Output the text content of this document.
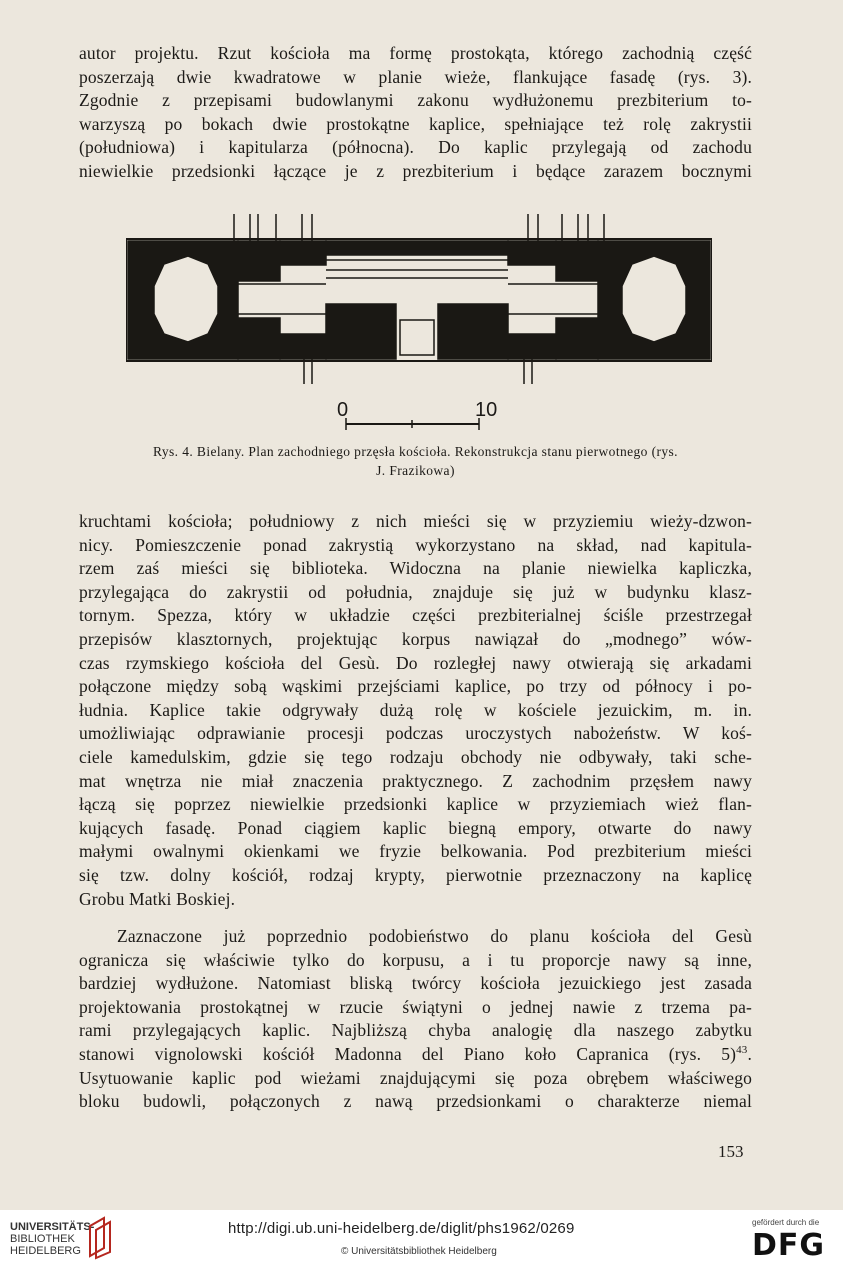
autor projektu. Rzut kościoła ma formę prostokąta, którego zachodnią część
poszerzają dwie kwadratowe w planie wieże, flankujące fasadę (rys. 3).
Zgodnie z przepisami budowlanymi zakonu wydłużonemu prezbiterium to-
warzyszą po bokach dwie prostokątne kaplice, spełniające też rolę zakrystii
(południowa) i kapitularza (północna). Do kaplic przylegają od zachodu
niewielkie przedsionki łączące je z prezbiterium i będące zarazem bocznymi

0	10
Rys. 4. Bielany. Plan zachodniego przęsła kościoła. Rekonstrukcja stanu pierwotnego (rys.
J. Frazikowa)

kruchtami kościoła; południowy z nich mieści się w przyziemiu wieży-dzwon-
nicy. Pomieszczenie ponad zakrystią wykorzystano na skład, nad kapitula-
rzem zaś mieści się biblioteka. Widoczna na planie niewielka kapliczka,
przylegająca do zakrystii od południa, znajduje się już w budynku klasz-
tornym. Spezza, który w układzie części prezbiterialnej ściśle przestrzegał
przepisów klasztornych, projektując korpus nawiązał do „modnego” wów-
czas rzymskiego kościoła del Gesù. Do rozległej nawy otwierają się arkadami
połączone między sobą wąskimi przejściami kaplice, po trzy od północy i po-
łudnia. Kaplice takie odgrywały dużą rolę w kościele jezuickim, m. in.
umożliwiając odprawianie procesji podczas uroczystych nabożeństw. W koś-
ciele kamedulskim, gdzie się tego rodzaju obchody nie odbywały, taki sche-
mat wnętrza nie miał znaczenia praktycznego. Z zachodnim przęsłem nawy
łączą się poprzez niewielkie przedsionki kaplice w przyziemiach wież flan-
kujących fasadę. Ponad ciągiem kaplic biegną empory, otwarte do nawy
małymi owalnymi okienkami we fryzie belkowania. Pod prezbiterium mieści
się tzw. dolny kościół, rodzaj krypty, pierwotnie przeznaczony na kaplicę
Grobu Matki Boskiej.

Zaznaczone już poprzednio podobieństwo do planu kościoła del Gesù
ogranicza się właściwie tylko do korpusu, a i tu proporcje nawy są inne,
bardziej wydłużone. Natomiast bliską twórcy kościoła jezuickiego jest zasada
projektowania prostokątnej w rzucie świątyni o jednej nawie z trzema pa-
rami przylegających kaplic. Najbliższą chyba analogię dla naszego zabytku
stanowi vignolowski kościół Madonna del Piano koło Capranica (rys. 5)$^{43}$.
Usytuowanie kaplic pod wieżami znajdującymi się poza obrębem właściwego
bloku budowli, połączonych z nawą przedsionkami o charakterze niemal

153
UNIVERSITÄTS-
BIBLIOTHEK
HEIDELBERG
http://digi.ub.uni-heidelberg.de/diglit/phs1962/0269
© Universitätsbibliothek Heidelberg
gefördert durch die
DFG
